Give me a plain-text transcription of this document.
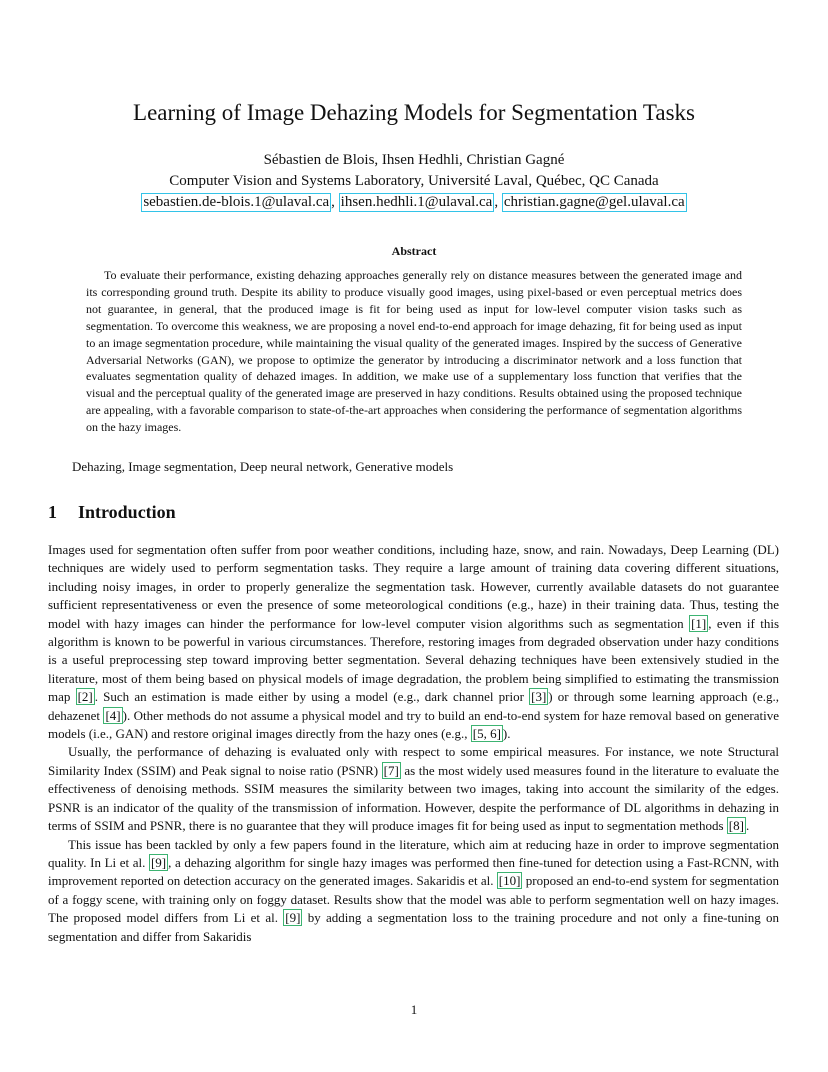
Learning of Image Dehazing Models for Segmentation Tasks
Sébastien de Blois, Ihsen Hedhli, Christian Gagné
Computer Vision and Systems Laboratory, Université Laval, Québec, QC Canada
sebastien.de-blois.1@ulaval.ca , ihsen.hedhli.1@ulaval.ca , christian.gagne@gel.ulaval.ca
Abstract

To evaluate their performance, existing dehazing approaches generally rely on distance measures between the generated image and its corresponding ground truth. Despite its ability to produce visually good images, using pixel-based or even perceptual metrics does not guarantee, in general, that the produced image is fit for being used as input for low-level computer vision tasks such as segmentation. To overcome this weakness, we are proposing a novel end-to-end approach for image dehazing, fit for being used as input to an image segmentation procedure, while maintaining the visual quality of the generated images. Inspired by the success of Generative Adversarial Networks (GAN), we propose to optimize the generator by introducing a discriminator network and a loss function that evaluates segmentation quality of dehazed images. In addition, we make use of a supplementary loss function that verifies that the visual and the perceptual quality of the generated image are preserved in hazy conditions. Results obtained using the proposed technique are appealing, with a favorable comparison to state-of-the-art approaches when considering the performance of segmentation algorithms on the hazy images.

Dehazing, Image segmentation, Deep neural network, Generative models
1 Introduction

Images used for segmentation often suffer from poor weather conditions, including haze, snow, and rain. Nowadays, Deep Learning (DL) techniques are widely used to perform segmentation tasks. They require a large amount of training data covering different situations, including noisy images, in order to properly generalize the segmentation task. However, currently available datasets do not guarantee sufficient representativeness or even the presence of some meteorological conditions (e.g., haze) in their training data. Thus, testing the model with hazy images can hinder the performance for low-level computer vision algorithms such as segmentation [1] , even if this algorithm is known to be powerful in various circumstances. Therefore, restoring images from degraded observation under hazy conditions is a useful preprocessing step toward improving better segmentation. Several dehazing techniques have been extensively studied in the literature, most of them being based on physical models of image degradation, the problem being simplified to estimating the transmission map [2] . Such an estimation is made either by using a model (e.g., dark channel prior [3] ) or through some learning approach (e.g., dehazenet [4] ). Other methods do not assume a physical model and try to build an end-to-end system for haze removal based on generative models (i.e., GAN) and restore original images directly from the hazy ones (e.g., [5, 6] ).

Usually, the performance of dehazing is evaluated only with respect to some empirical measures. For instance, we note Structural Similarity Index (SSIM) and Peak signal to noise ratio (PSNR) [7] as the most widely used measures found in the literature to evaluate the effectiveness of denoising methods. SSIM measures the similarity between two images, taking into account the similarity of the edges. PSNR is an indicator of the quality of the transmission of information. However, despite the performance of DL algorithms in dehazing in terms of SSIM and PSNR, there is no guarantee that they will produce images fit for being used as input to segmentation methods [8] .

This issue has been tackled by only a few papers found in the literature, which aim at reducing haze in order to improve segmentation quality. In Li et al. [9] , a dehazing algorithm for single hazy images was performed then fine-tuned for detection using a Fast-RCNN, with improvement reported on detection accuracy on the generated images. Sakaridis et al. [10] proposed an end-to-end system for segmentation of a foggy scene, with training only on foggy dataset. Results show that the model was able to perform segmentation well on hazy images. The proposed model differs from Li et al. [9] by adding a segmentation loss to the training procedure and not only a fine-tuning on segmentation and differ from Sakaridis

1
